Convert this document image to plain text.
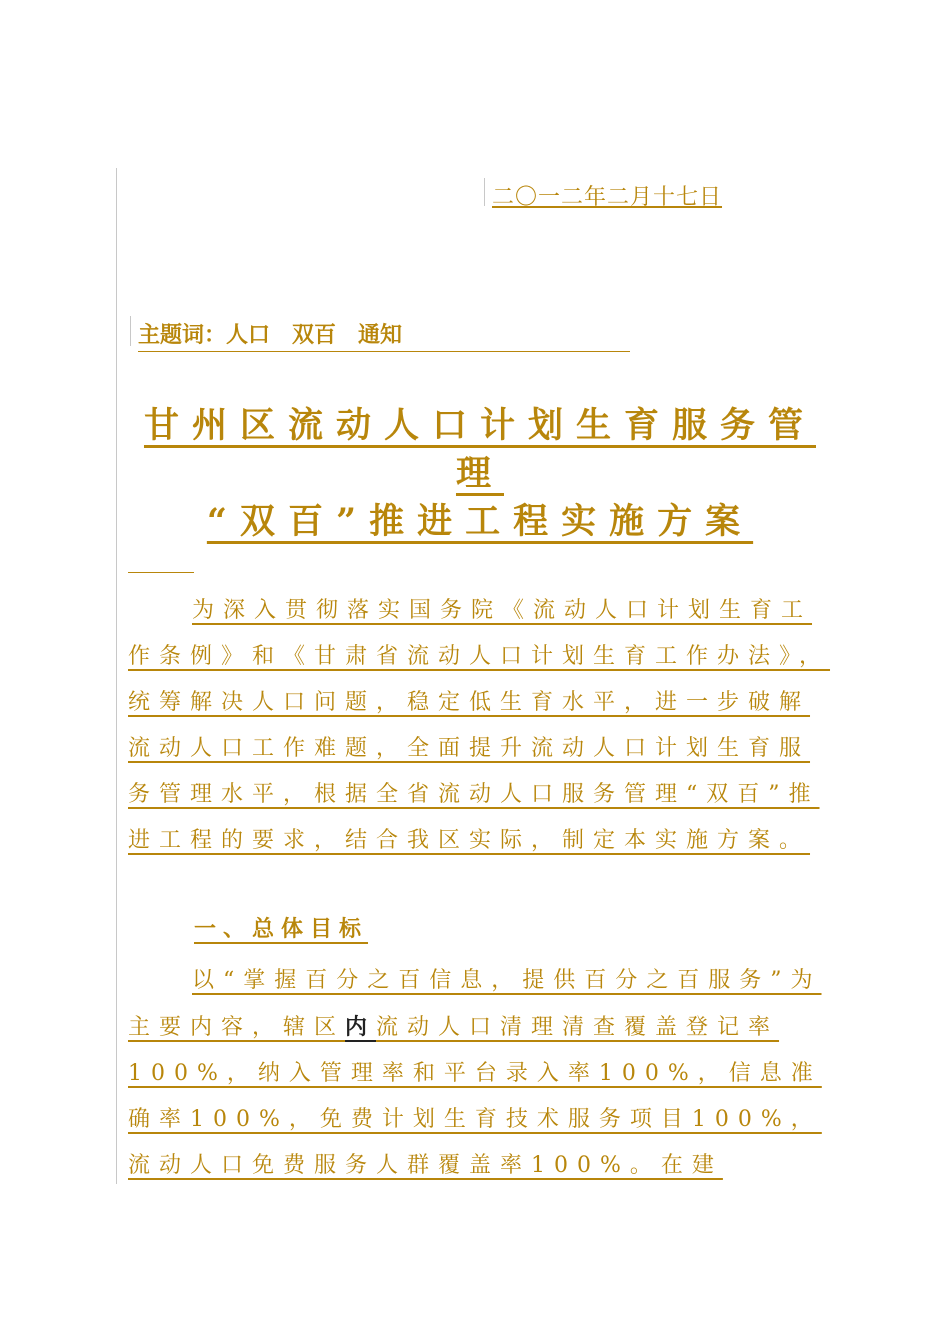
二〇一二年二月十七日
主题词：人口　双百　通知
甘州区流动人口计划生育服务管
理
“双百”推进工程实施方案
为深入贯彻落实国务院《流动人口计划生育工作条例》和《甘肃省流动人口计划生育工作办法》，统筹解决人口问题，稳定低生育水平，进一步破解流动人口工作难题，全面提升流动人口计划生育服务管理水平，根据全省流动人口服务管理“双百”推进工程的要求，结合我区实际，制定本实施方案。
一、总体目标
以“掌握百分之百信息，提供百分之百服务”为主要内容，辖区内流动人口清理清查覆盖登记率100%，纳入管理率和平台录入率100%，信息准确率100%，免费计划生育技术服务项目100%，流动人口免费服务人群覆盖率100%。在建
